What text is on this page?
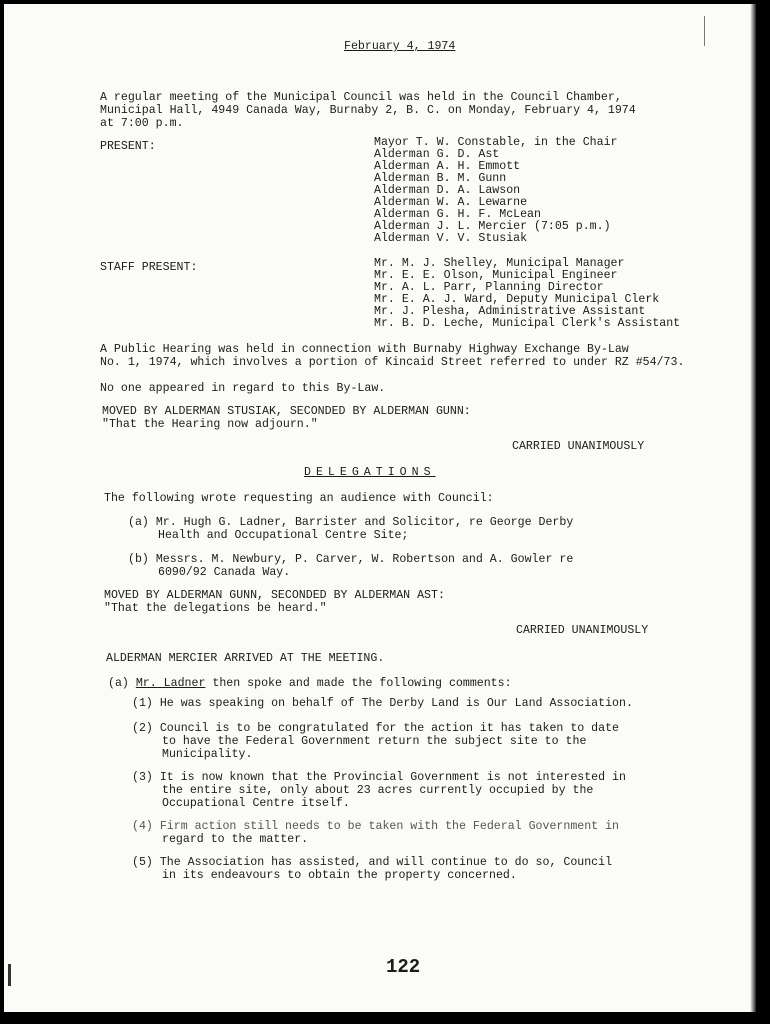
February 4, 1974
A regular meeting of the Municipal Council was held in the Council Chamber,
Municipal Hall, 4949 Canada Way, Burnaby 2, B. C. on Monday, February 4, 1974
at 7:00 p.m.
PRESENT:	Mayor T. W. Constable, in the Chair
Alderman G. D. Ast
Alderman A. H. Emmott
Alderman B. M. Gunn
Alderman D. A. Lawson
Alderman W. A. Lewarne
Alderman G. H. F. McLean
Alderman J. L. Mercier (7:05 p.m.)
Alderman V. V. Stusiak
STAFF PRESENT:	Mr. M. J. Shelley, Municipal Manager
Mr. E. E. Olson, Municipal Engineer
Mr. A. L. Parr, Planning Director
Mr. E. A. J. Ward, Deputy Municipal Clerk
Mr. J. Plesha, Administrative Assistant
Mr. B. D. Leche, Municipal Clerk's Assistant
A Public Hearing was held in connection with Burnaby Highway Exchange By-Law
No. 1, 1974, which involves a portion of Kincaid Street referred to under RZ #54/73.
No one appeared in regard to this By-Law.
MOVED BY ALDERMAN STUSIAK, SECONDED BY ALDERMAN GUNN:
"That the Hearing now adjourn."
CARRIED UNANIMOUSLY
DELEGATIONS
The following wrote requesting an audience with Council:
(a) Mr. Hugh G. Ladner, Barrister and Solicitor, re George Derby
Health and Occupational Centre Site;
(b) Messrs. M. Newbury, P. Carver, W. Robertson and A. Gowler re
6090/92 Canada Way.
MOVED BY ALDERMAN GUNN, SECONDED BY ALDERMAN AST:
"That the delegations be heard."
CARRIED UNANIMOUSLY
ALDERMAN MERCIER ARRIVED AT THE MEETING.
(a) Mr. Ladner then spoke and made the following comments:
(1) He was speaking on behalf of The Derby Land is Our Land Association.
(2) Council is to be congratulated for the action it has taken to date
to have the Federal Government return the subject site to the
Municipality.
(3) It is now known that the Provincial Government is not interested in
the entire site, only about 23 acres currently occupied by the
Occupational Centre itself.
(4) Firm action still needs to be taken with the Federal Government in
regard to the matter.
(5) The Association has assisted, and will continue to do so, Council
in its endeavours to obtain the property concerned.
122
